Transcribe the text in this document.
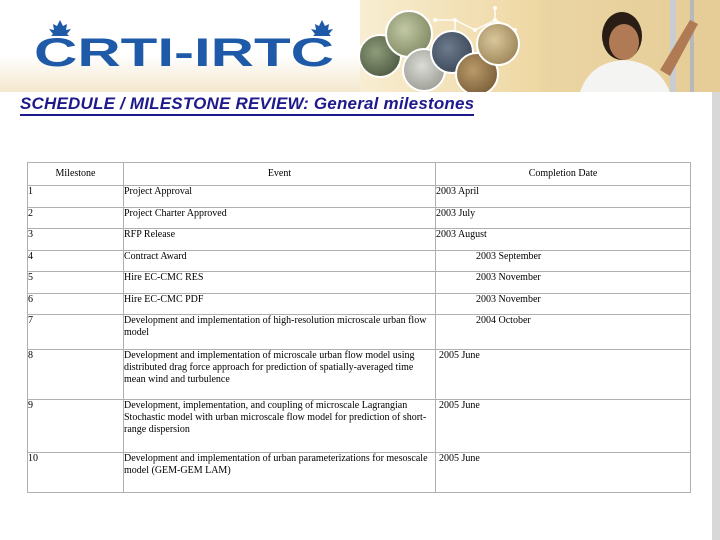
CRTI-IRTC
SCHEDULE / MILESTONE REVIEW: General milestones
Milestone	Event	Completion Date
1	Project Approval	2003 April
2	Project Charter Approved	2003 July
3	RFP Release	2003 August
4	Contract Award	2003 September
5	Hire EC-CMC RES	2003 November
6	Hire EC-CMC PDF	2003 November
7	Development and implementation of high-resolution microscale urban flow model	2004 October
8	Development and implementation of microscale urban flow model using distributed drag force approach for prediction of spatially-averaged time mean wind and turbulence	2005 June
9	Development, implementation, and coupling of microscale Lagrangian Stochastic model with urban microscale flow model for prediction of short-range dispersion	2005 June
10	Development and implementation of urban parameterizations for mesoscale model (GEM-GEM LAM)	2005 June
